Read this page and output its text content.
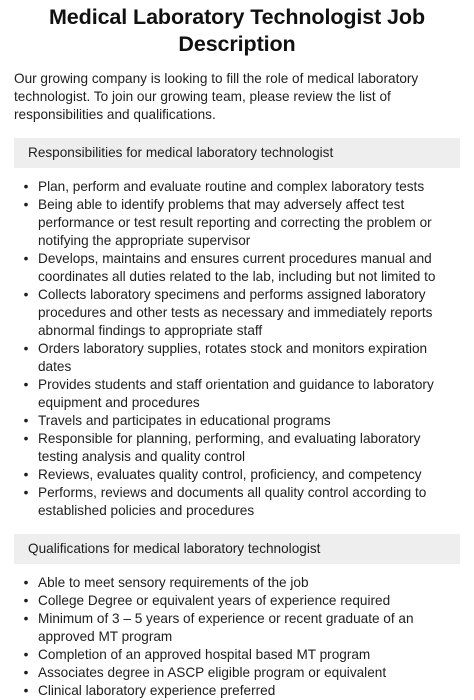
Medical Laboratory Technologist Job Description

Our growing company is looking to fill the role of medical laboratory technologist. To join our growing team, please review the list of responsibilities and qualifications.

Responsibilities for medical laboratory technologist
• Plan, perform and evaluate routine and complex laboratory tests
• Being able to identify problems that may adversely affect test performance or test result reporting and correcting the problem or notifying the appropriate supervisor
• Develops, maintains and ensures current procedures manual and coordinates all duties related to the lab, including but not limited to
• Collects laboratory specimens and performs assigned laboratory procedures and other tests as necessary and immediately reports abnormal findings to appropriate staff
• Orders laboratory supplies, rotates stock and monitors expiration dates
• Provides students and staff orientation and guidance to laboratory equipment and procedures
• Travels and participates in educational programs
• Responsible for planning, performing, and evaluating laboratory testing analysis and quality control
• Reviews, evaluates quality control, proficiency, and competency
• Performs, reviews and documents all quality control according to established policies and procedures
Qualifications for medical laboratory technologist
• Able to meet sensory requirements of the job
• College Degree or equivalent years of experience required
• Minimum of 3 – 5 years of experience or recent graduate of an approved MT program
• Completion of an approved hospital based MT program
• Associates degree in ASCP eligible program or equivalent
• Clinical laboratory experience preferred
